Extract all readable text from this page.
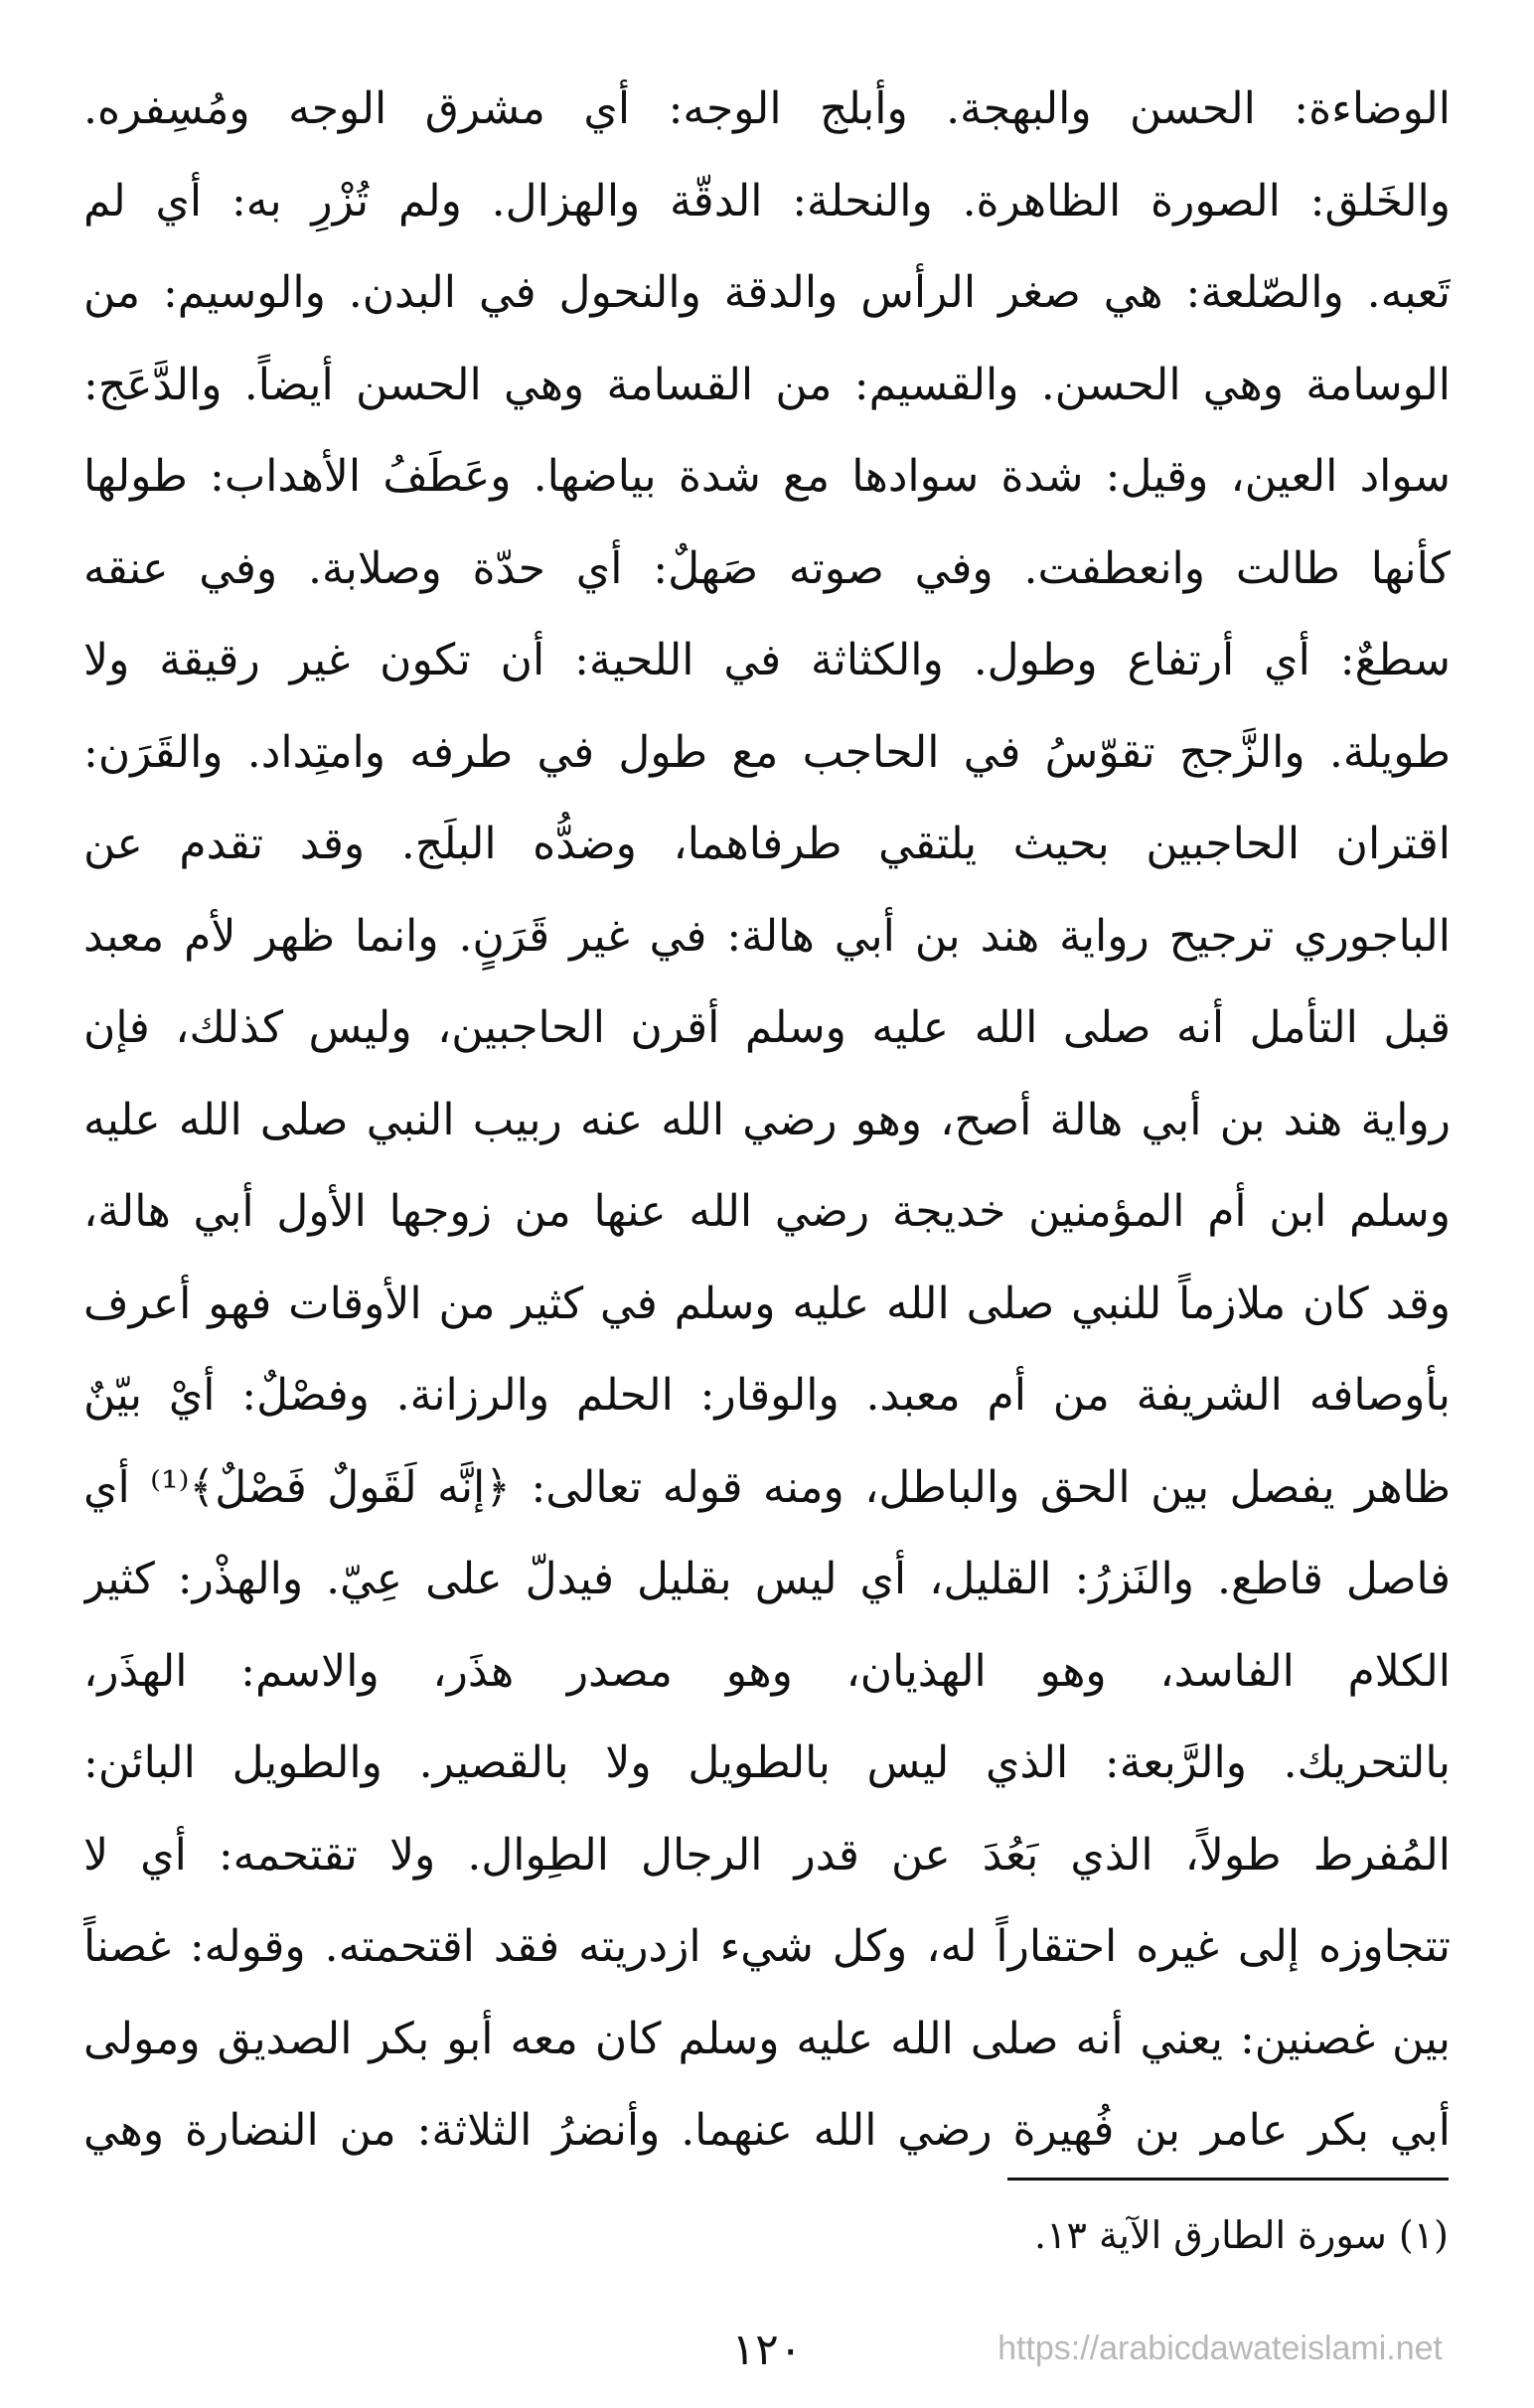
الوضاءة: الحسن والبهجة. وأبلج الوجه: أي مشرق الوجه ومُسِفره.
والخَلق: الصورة الظاهرة. والنحلة: الدقّة والهزال. ولم تُزْرِ به: أي لم
تَعبه. والصّلعة: هي صغر الرأس والدقة والنحول في البدن. والوسيم: من
الوسامة وهي الحسن. والقسيم: من القسامة وهي الحسن أيضاً. والدَّعَج:
سواد العين، وقيل: شدة سوادها مع شدة بياضها. وعَطَفُ الأهداب: طولها
كأنها طالت وانعطفت. وفي صوته صَهلٌ: أي حدّة وصلابة. وفي عنقه
سطعٌ: أي أرتفاع وطول. والكثاثة في اللحية: أن تكون غير رقيقة ولا
طويلة. والزَّجج تقوّسُ في الحاجب مع طول في طرفه وامتِداد. والقَرَن:
اقتران الحاجبين بحيث يلتقي طرفاهما، وضدُّه البلَج. وقد تقدم عن
الباجوري ترجيح رواية هند بن أبي هالة: في غير قَرَنٍ. وانما ظهر لأم معبد
قبل التأمل أنه صلى الله عليه وسلم أقرن الحاجبين، وليس كذلك، فإن
رواية هند بن أبي هالة أصح، وهو رضي الله عنه ربيب النبي صلى الله عليه
وسلم ابن أم المؤمنين خديجة رضي الله عنها من زوجها الأول أبي هالة،
وقد كان ملازماً للنبي صلى الله عليه وسلم في كثير من الأوقات فهو أعرف
بأوصافه الشريفة من أم معبد. والوقار: الحلم والرزانة. وفصْلٌ: أيْ بيّنٌ
ظاهر يفصل بين الحق والباطل، ومنه قوله تعالى: ﴿إنَّه لَقَولٌ فَصْلٌ﴾⁽¹⁾ أي
فاصل قاطع. والنَزرُ: القليل، أي ليس بقليل فيدلّ على عِيّ. والهذْر: كثير
الكلام الفاسد، وهو الهذيان، وهو مصدر هذَر، والاسم: الهذَر،
بالتحريك. والرَّبعة: الذي ليس بالطويل ولا بالقصير. والطويل البائن:
المُفرط طولاً، الذي بَعُدَ عن قدر الرجال الطِوال. ولا تقتحمه: أي لا
تتجاوزه إلى غيره احتقاراً له، وكل شيء ازدريته فقد اقتحمته. وقوله: غصناً
بين غصنين: يعني أنه صلى الله عليه وسلم كان معه أبو بكر الصديق ومولى
أبي بكر عامر بن فُهيرة رضي الله عنهما. وأنضرُ الثلاثة: من النضارة وهي
(١) سورة الطارق الآية ١٣.
١٢٠	https://arabicdawateislami.net
